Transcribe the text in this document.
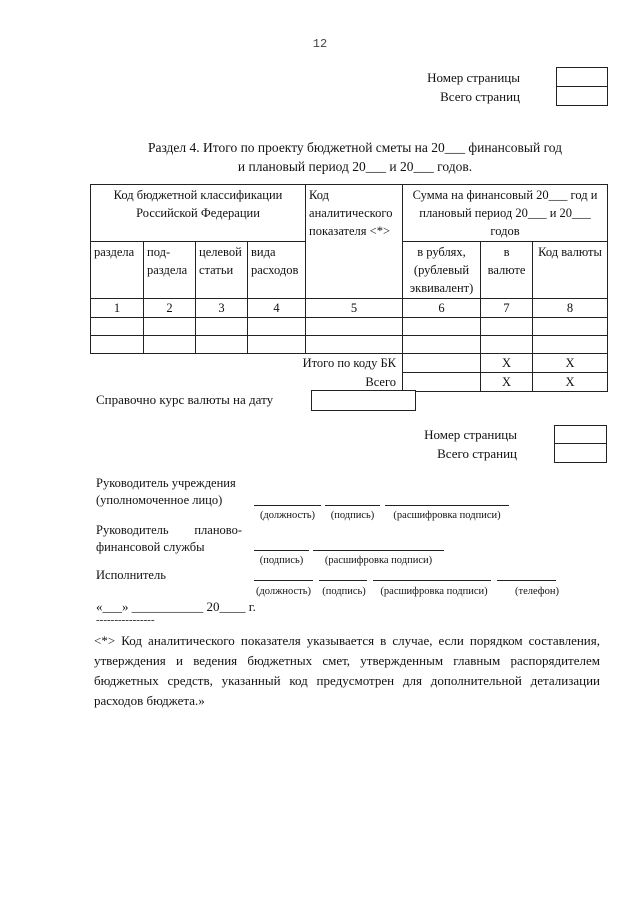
12
Номер страницы
Всего страниц
Раздел 4. Итого по проекту бюджетной сметы на 20___ финансовый год
и плановый период 20___ и 20___ годов.
Код бюджетной классификации Российской Федерации				Код аналитического показателя <*>	Сумма на финансовый 20___ год и плановый период 20___ и 20___ годов		
раздела	под-раздела	целевой статьи	вида расходов		в рублях, (рублевый эквивалент)	в валюте	Код валюты
1	2	3	4	5	6	7	8

Итого по коду БК						X	X
Всего						X	X
Справочно курс валюты на дату
Номер страницы
Всего страниц
Руководитель учреждения
(уполномоченное лицо)
(должность)	(подпись)	(расшифровка подписи)
Руководитель планово-
финансовой службы
(подпись)	(расшифровка подписи)
Исполнитель
(должность)	(подпись)	(расшифровка подписи)	(телефон)
«___» ___________ 20____ г.
----------------
<*> Код аналитического показателя указывается в случае, если порядком составления, утверждения и ведения бюджетных смет, утвержденным главным распорядителем бюджетных средств, указанный код предусмотрен для дополнительной детализации расходов бюджета.»
